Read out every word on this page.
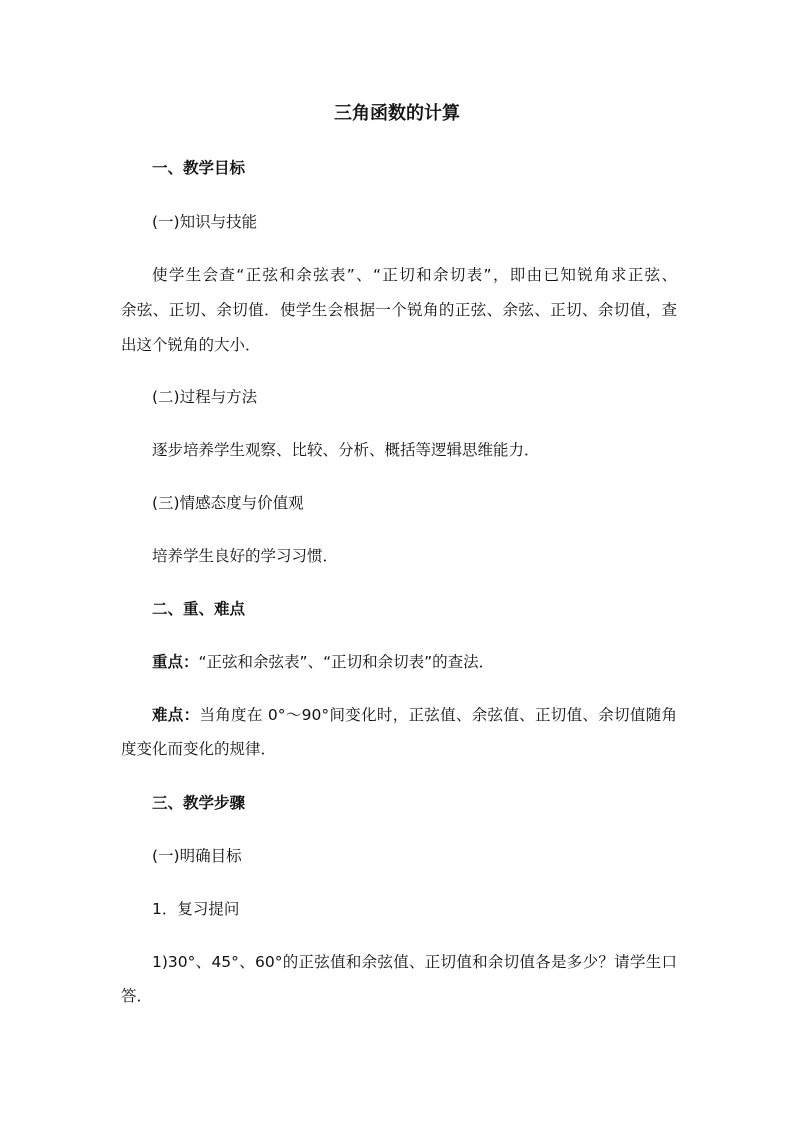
三角函数的计算
一、教学目标
(一)知识与技能
使学生会查“正弦和余弦表”、“正切和余切表”，即由已知锐角求正弦、
余弦、正切、余切值．使学生会根据一个锐角的正弦、余弦、正切、余切值，查
出这个锐角的大小．
(二)过程与方法
逐步培养学生观察、比较、分析、概括等逻辑思维能力．
(三)情感态度与价值观
培养学生良好的学习习惯．
二、重、难点
重点：“正弦和余弦表”、“正切和余切表”的查法．
难点：当角度在 0°～90°间变化时，正弦值、余弦值、正切值、余切值随角
度变化而变化的规律．
三、教学步骤
(一)明确目标
1．复习提问
1)30°、45°、60°的正弦值和余弦值、正切值和余切值各是多少？请学生口
答．
